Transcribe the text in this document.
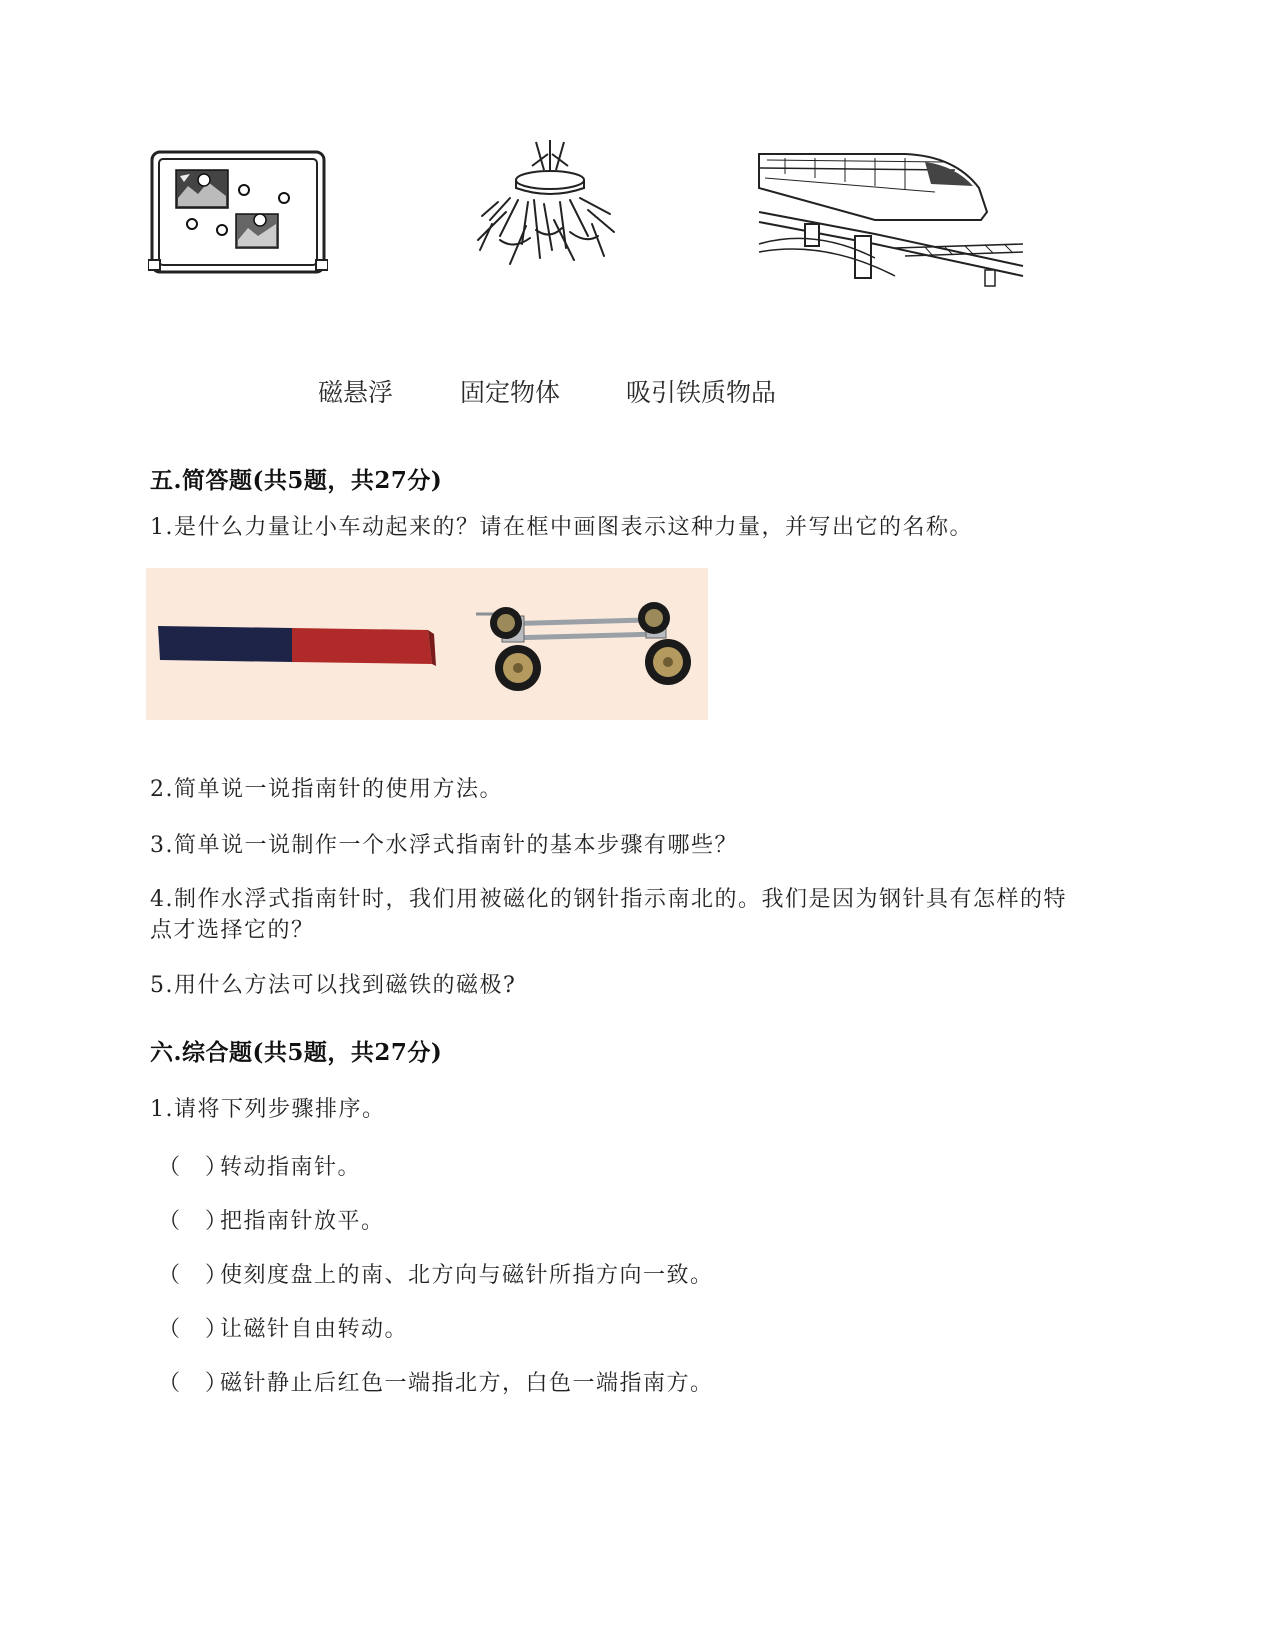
磁悬浮	固定物体	吸引铁质物品
五.简答题(共5题，共27分)
1.是什么力量让小车动起来的？请在框中画图表示这种力量，并写出它的名称。
2.简单说一说指南针的使用方法。
3.简单说一说制作一个水浮式指南针的基本步骤有哪些？
4.制作水浮式指南针时，我们用被磁化的钢针指示南北的。我们是因为钢针具有怎样的特点才选择它的？
5.用什么方法可以找到磁铁的磁极?
六.综合题(共5题，共27分)
1.请将下列步骤排序。
（　）转动指南针。
（　）把指南针放平。
（　）使刻度盘上的南、北方向与磁针所指方向一致。
（　）让磁针自由转动。
（　）磁针静止后红色一端指北方，白色一端指南方。
